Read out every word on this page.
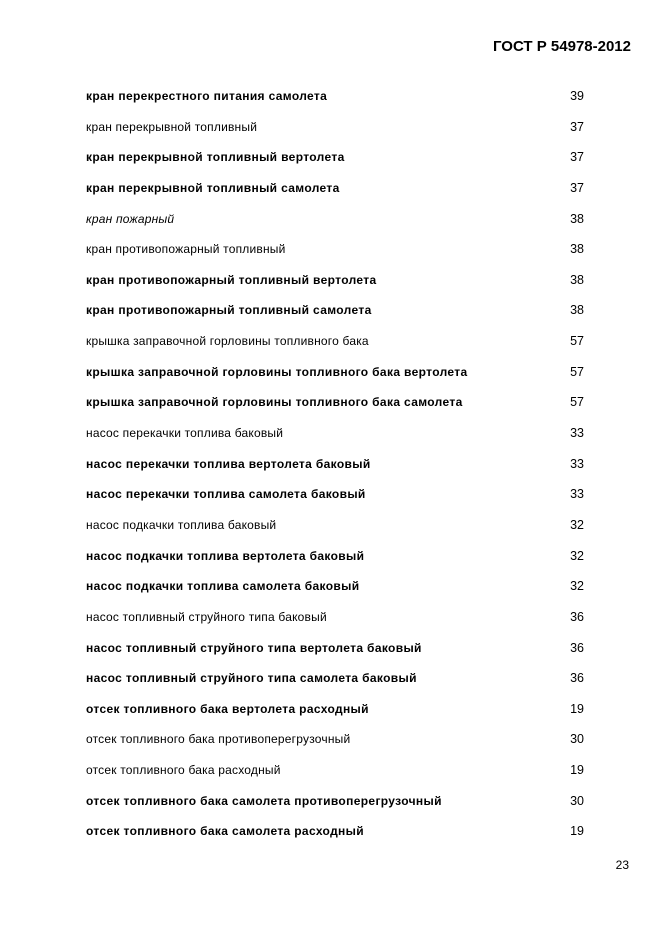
ГОСТ Р 54978-2012
кран перекрестного питания самолета	39
кран перекрывной топливный	37
кран перекрывной топливный вертолета	37
кран перекрывной топливный самолета	37
кран пожарный	38
кран противопожарный топливный	38
кран противопожарный топливный вертолета	38
кран противопожарный топливный самолета	38
крышка заправочной горловины топливного бака	57
крышка заправочной горловины топливного бака вертолета	57
крышка заправочной горловины топливного бака самолета	57
насос перекачки топлива баковый	33
насос перекачки топлива вертолета баковый	33
насос перекачки топлива самолета баковый	33
насос подкачки топлива баковый	32
насос подкачки топлива вертолета баковый	32
насос подкачки топлива самолета баковый	32
насос топливный струйного типа баковый	36
насос топливный струйного типа вертолета баковый	36
насос топливный струйного типа самолета баковый	36
отсек топливного бака вертолета расходный	19
отсек топливного бака противоперегрузочный	30
отсек топливного бака расходный	19
отсек топливного бака самолета противоперегрузочный	30
отсек топливного бака самолета расходный	19
23
